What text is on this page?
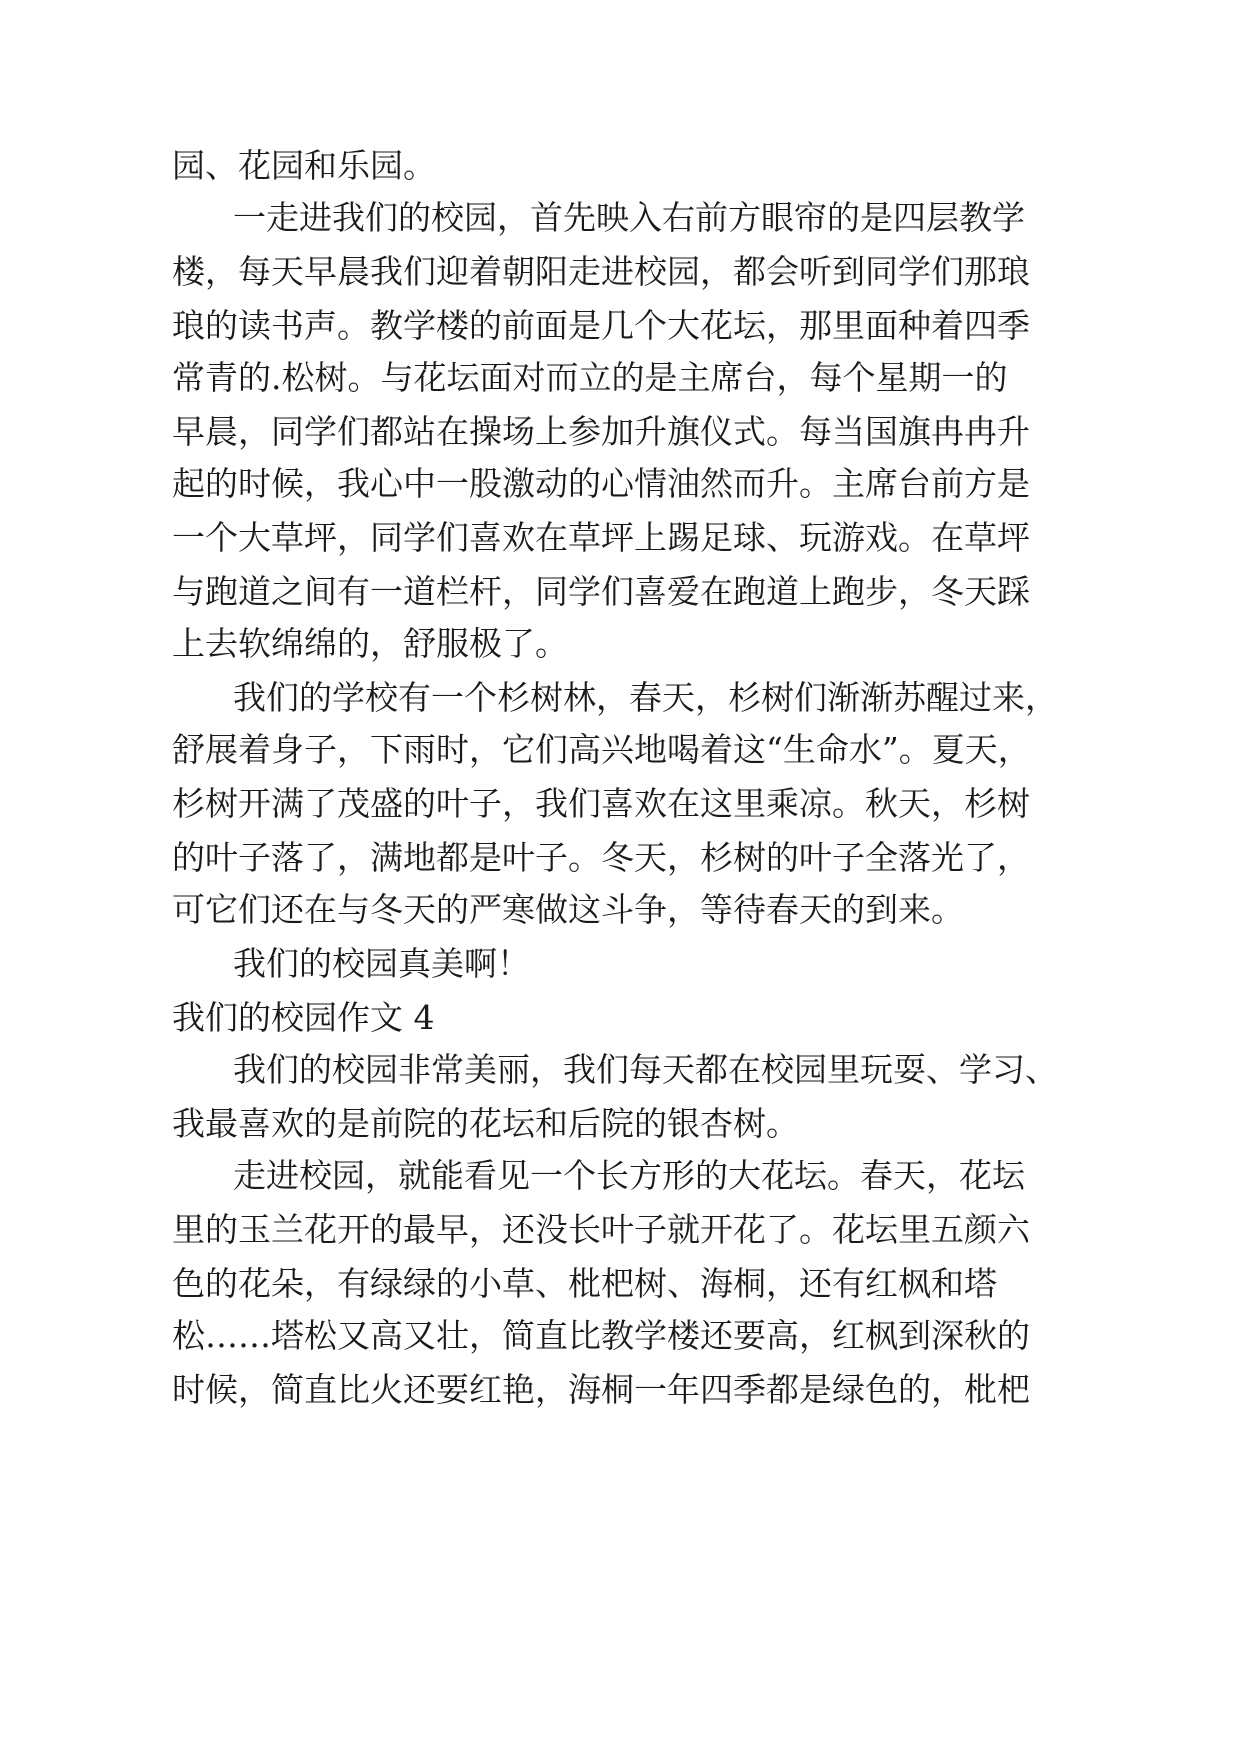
园、花园和乐园。
一走进我们的校园，首先映入右前方眼帘的是四层教学
楼，每天早晨我们迎着朝阳走进校园，都会听到同学们那琅
琅的读书声。教学楼的前面是几个大花坛，那里面种着四季
常青的.松树。与花坛面对而立的是主席台，每个星期一的
早晨，同学们都站在操场上参加升旗仪式。每当国旗冉冉升
起的时候，我心中一股激动的心情油然而升。主席台前方是
一个大草坪，同学们喜欢在草坪上踢足球、玩游戏。在草坪
与跑道之间有一道栏杆，同学们喜爱在跑道上跑步，冬天踩
上去软绵绵的，舒服极了。
我们的学校有一个杉树林，春天，杉树们渐渐苏醒过来，
舒展着身子，下雨时，它们高兴地喝着这“生命水”。夏天，
杉树开满了茂盛的叶子，我们喜欢在这里乘凉。秋天，杉树
的叶子落了，满地都是叶子。冬天，杉树的叶子全落光了，
可它们还在与冬天的严寒做这斗争，等待春天的到来。
我们的校园真美啊！
我们的校园作文 4
我们的校园非常美丽，我们每天都在校园里玩耍、学习、
我最喜欢的是前院的花坛和后院的银杏树。
走进校园，就能看见一个长方形的大花坛。春天，花坛
里的玉兰花开的最早，还没长叶子就开花了。花坛里五颜六
色的花朵，有绿绿的小草、枇杷树、海桐，还有红枫和塔
松……塔松又高又壮，简直比教学楼还要高，红枫到深秋的
时候，简直比火还要红艳，海桐一年四季都是绿色的，枇杷
